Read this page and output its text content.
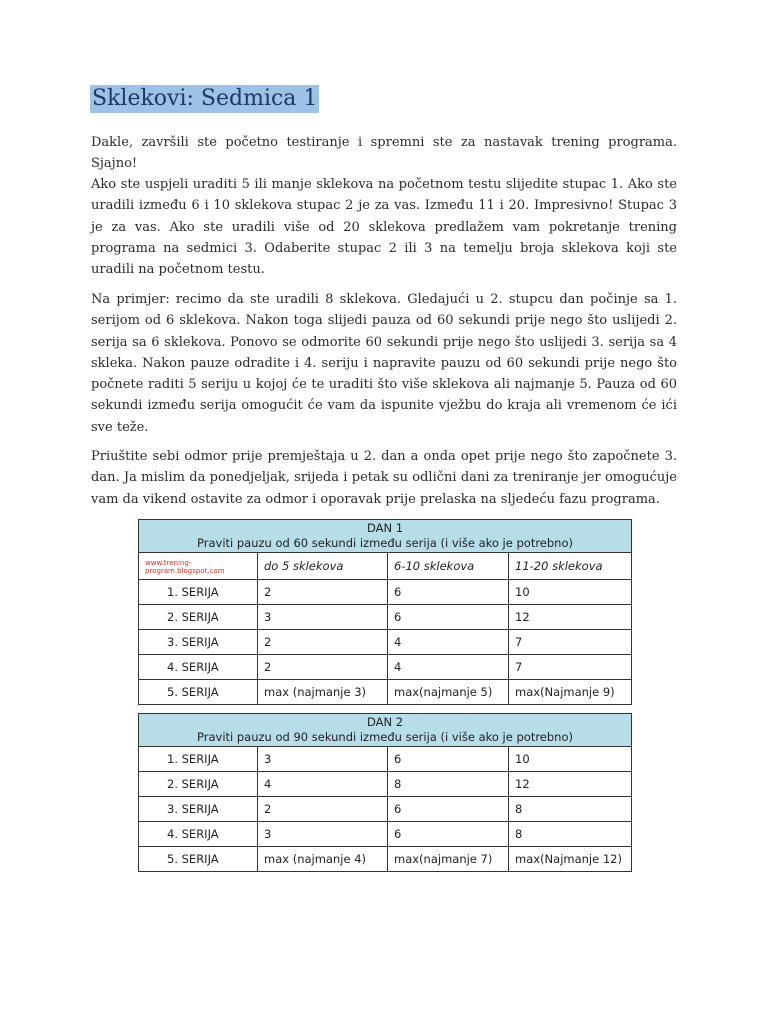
Sklekovi: Sedmica 1

Dakle, završili ste početno testiranje i spremni ste za nastavak trening programa. Sjajno!

Ako ste uspjeli uraditi 5 ili manje sklekova na početnom testu slijedite stupac 1. Ako ste uradili između 6 i 10 sklekova stupac 2 je za vas. Između 11 i 20. Impresivno! Stupac 3 je za vas. Ako ste uradili više od 20 sklekova predlažem vam pokretanje trening programa na sedmici 3. Odaberite stupac 2 ili 3 na temelju broja sklekova koji ste uradili na početnom testu.

Na primjer: recimo da ste uradili 8 sklekova. Gledajući u 2. stupcu dan počinje sa 1. serijom od 6 sklekova. Nakon toga slijedi pauza od 60 sekundi prije nego što uslijedi 2. serija sa 6 sklekova. Ponovo se odmorite 60 sekundi prije nego što uslijedi 3. serija sa 4 skleka. Nakon pauze odradite i 4. seriju i napravite pauzu od 60 sekundi prije nego što počnete raditi 5 seriju u kojoj će te uraditi što više sklekova ali najmanje 5. Pauza od 60 sekundi između serija omogućit će vam da ispunite vježbu do kraja ali vremenom će ići sve teže.

Priuštite sebi odmor prije premještaja u 2. dan a onda opet prije nego što započnete 3. dan. Ja mislim da ponedjeljak, srijeda i petak su odlični dani za treniranje jer omogućuje vam da vikend ostavite za odmor i oporavak prije prelaska na sljedeću fazu programa.

DAN 1
Praviti pauzu od 60 sekundi između serija (i više ako je potrebno)			

www.trening-program.blogspot.com	do 5 sklekova	6-10 sklekova	11-20 sklekova
1. SERIJA	2	6	10
2. SERIJA	3	6	12
3. SERIJA	2	4	7
4. SERIJA	2	4	7
5. SERIJA	max (najmanje 3)	max(najmanje 5)	max(Najmanje 9)
DAN 2
Praviti pauzu od 90 sekundi između serija (i više ako je potrebno)			

1. SERIJA	3	6	10
2. SERIJA	4	8	12
3. SERIJA	2	6	8
4. SERIJA	3	6	8
5. SERIJA	max (najmanje 4)	max(najmanje 7)	max(Najmanje 12)
